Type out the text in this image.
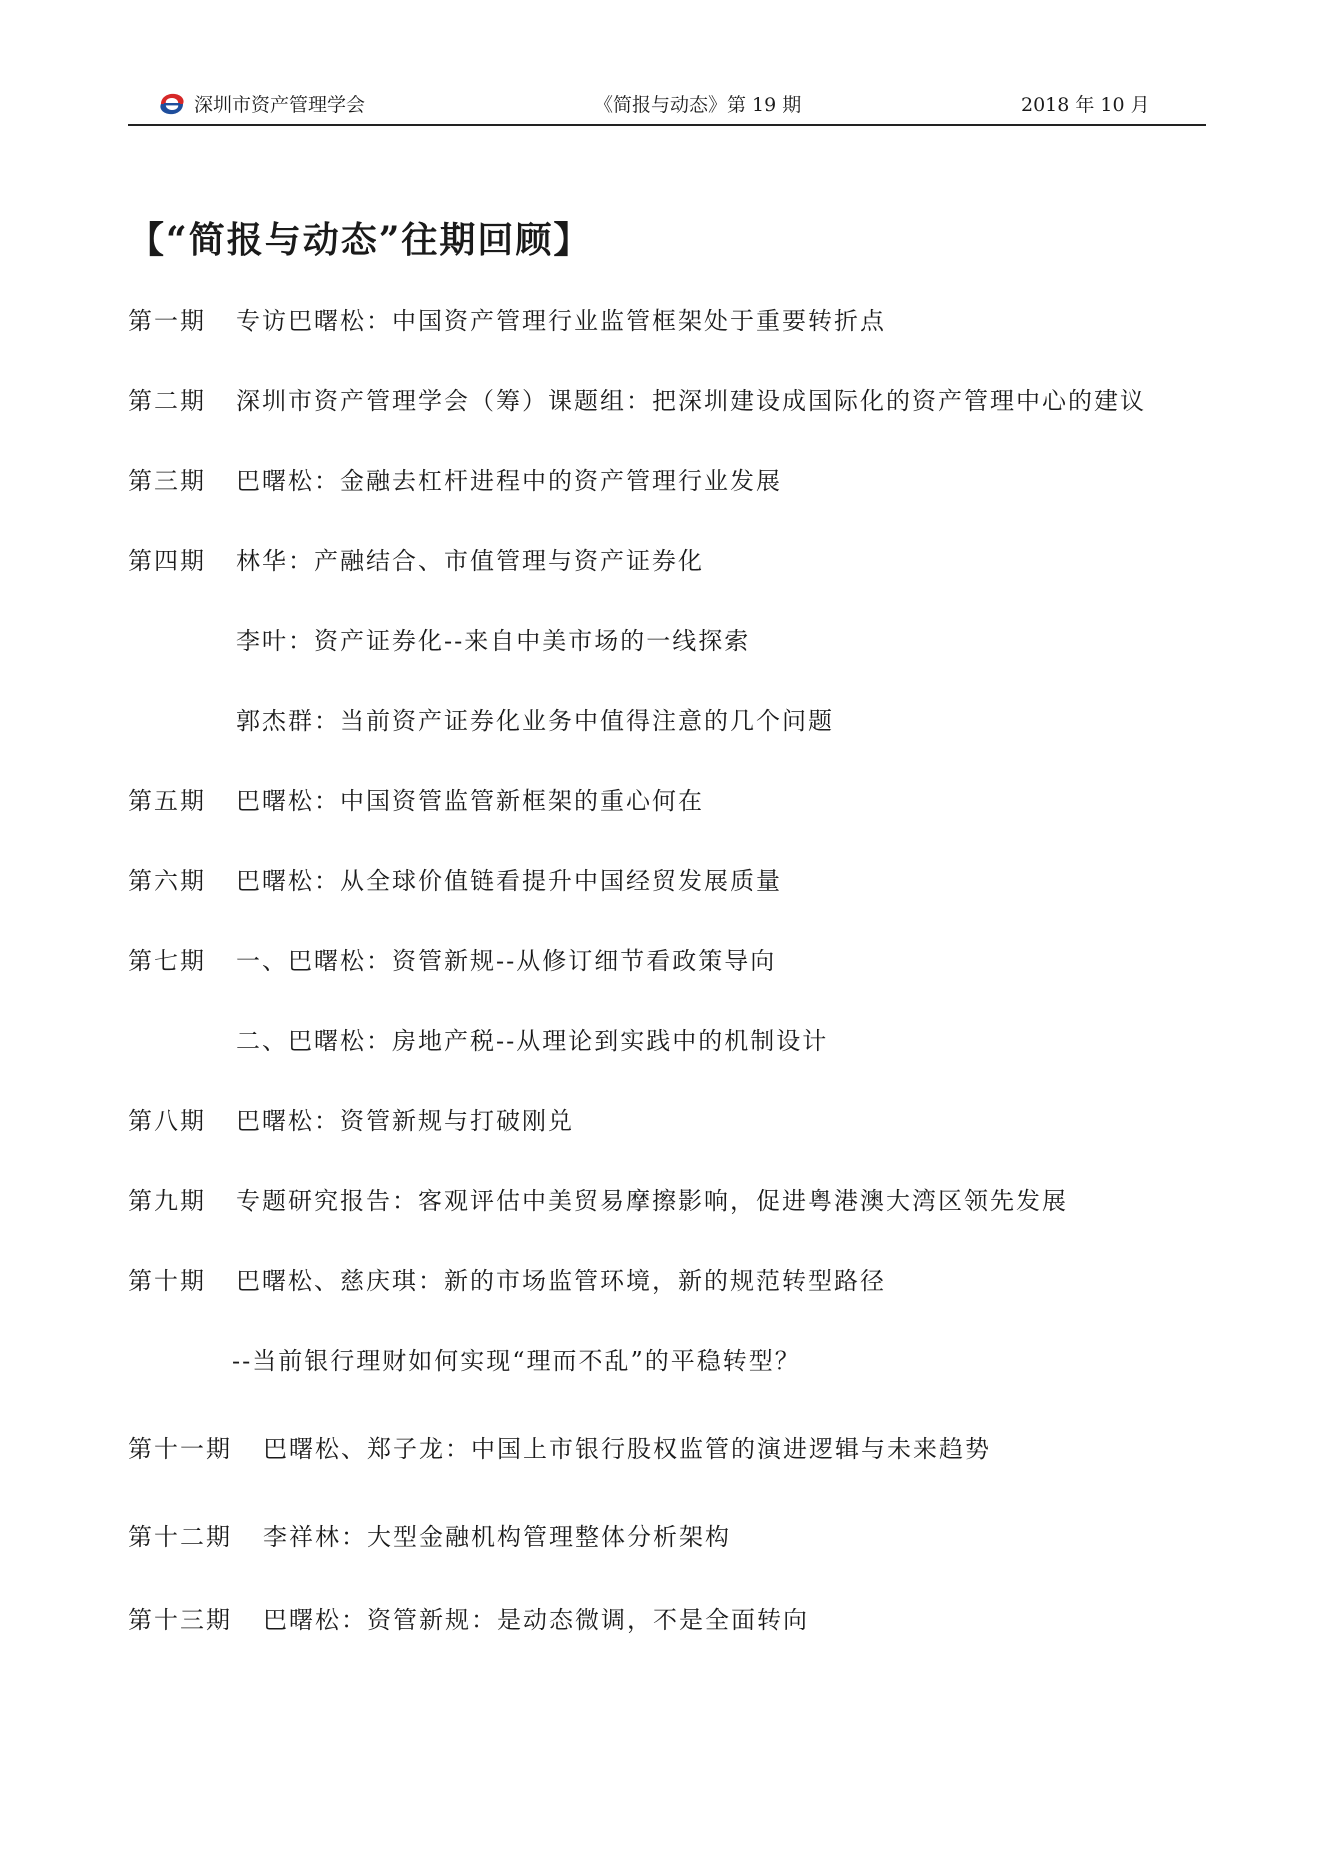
深圳市资产管理学会	《简报与动态》第 19 期	2018 年 10 月
【“简报与动态”往期回顾】
第一期 专访巴曙松：中国资产管理行业监管框架处于重要转折点
第二期 深圳市资产管理学会（筹）课题组：把深圳建设成国际化的资产管理中心的建议
第三期 巴曙松：金融去杠杆进程中的资产管理行业发展
第四期 林华：产融结合、市值管理与资产证券化
李叶：资产证券化--来自中美市场的一线探索
郭杰群：当前资产证券化业务中值得注意的几个问题
第五期 巴曙松：中国资管监管新框架的重心何在
第六期 巴曙松：从全球价值链看提升中国经贸发展质量
第七期 一、巴曙松：资管新规--从修订细节看政策导向
二、巴曙松：房地产税--从理论到实践中的机制设计
第八期 巴曙松：资管新规与打破刚兑
第九期 专题研究报告：客观评估中美贸易摩擦影响，促进粤港澳大湾区领先发展
第十期 巴曙松、慈庆琪：新的市场监管环境，新的规范转型路径
--当前银行理财如何实现“理而不乱”的平稳转型？
第十一期 巴曙松、郑子龙：中国上市银行股权监管的演进逻辑与未来趋势
第十二期 李祥林：大型金融机构管理整体分析架构
第十三期 巴曙松：资管新规：是动态微调，不是全面转向
